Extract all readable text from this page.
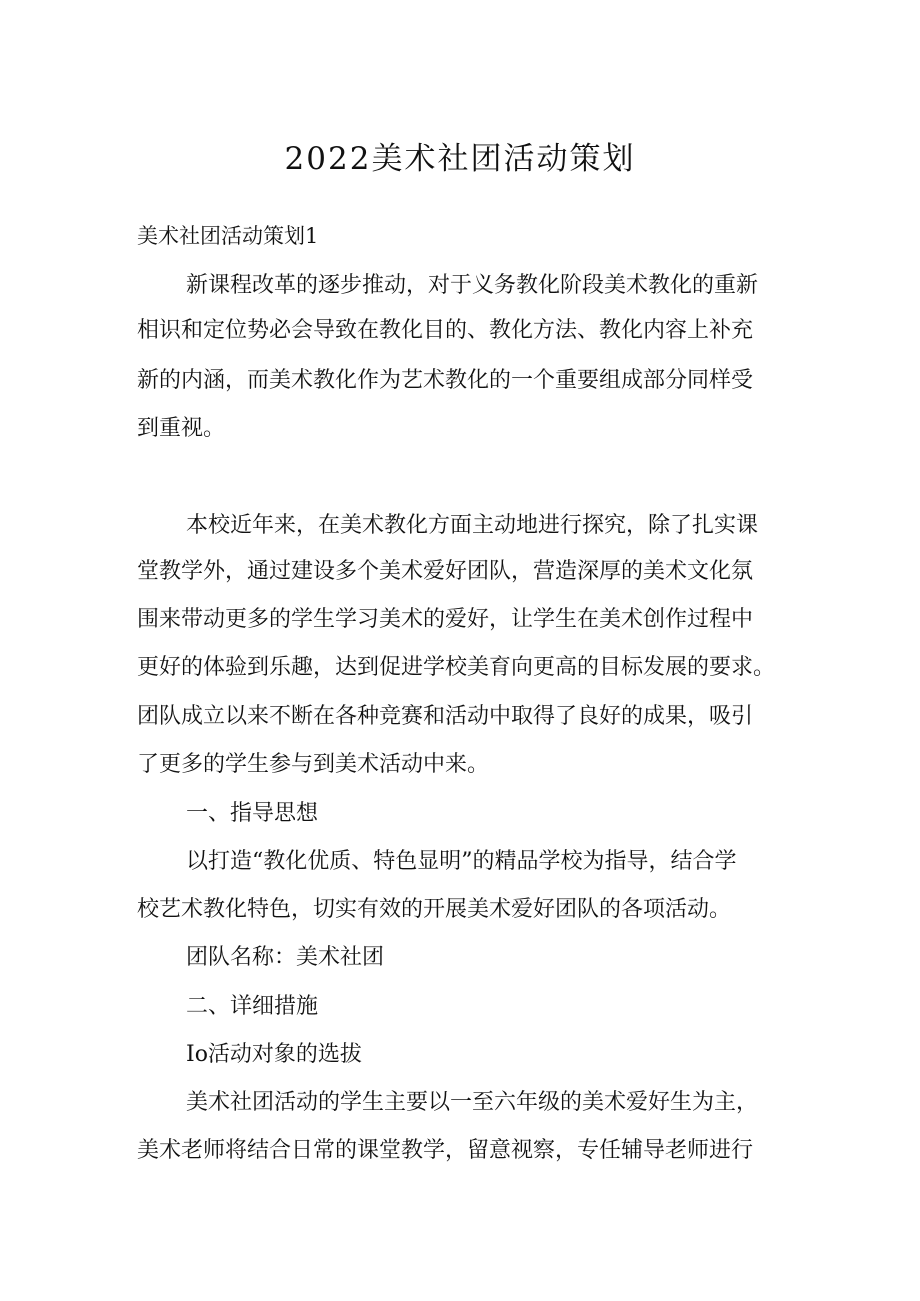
2022美术社团活动策划
美术社团活动策划1
新课程改革的逐步推动，对于义务教化阶段美术教化的重新
相识和定位势必会导致在教化目的、教化方法、教化内容上补充
新的内涵，而美术教化作为艺术教化的一个重要组成部分同样受
到重视。
本校近年来，在美术教化方面主动地进行探究，除了扎实课
堂教学外，通过建设多个美术爱好团队，营造深厚的美术文化氛
围来带动更多的学生学习美术的爱好，让学生在美术创作过程中
更好的体验到乐趣，达到促进学校美育向更高的目标发展的要求。
团队成立以来不断在各种竞赛和活动中取得了良好的成果，吸引
了更多的学生参与到美术活动中来。
一、指导思想
以打造“教化优质、特色显明”的精品学校为指导，结合学
校艺术教化特色，切实有效的开展美术爱好团队的各项活动。
团队名称：美术社团
二、详细措施
Io活动对象的选拔
美术社团活动的学生主要以一至六年级的美术爱好生为主，
美术老师将结合日常的课堂教学，留意视察，专任辅导老师进行
